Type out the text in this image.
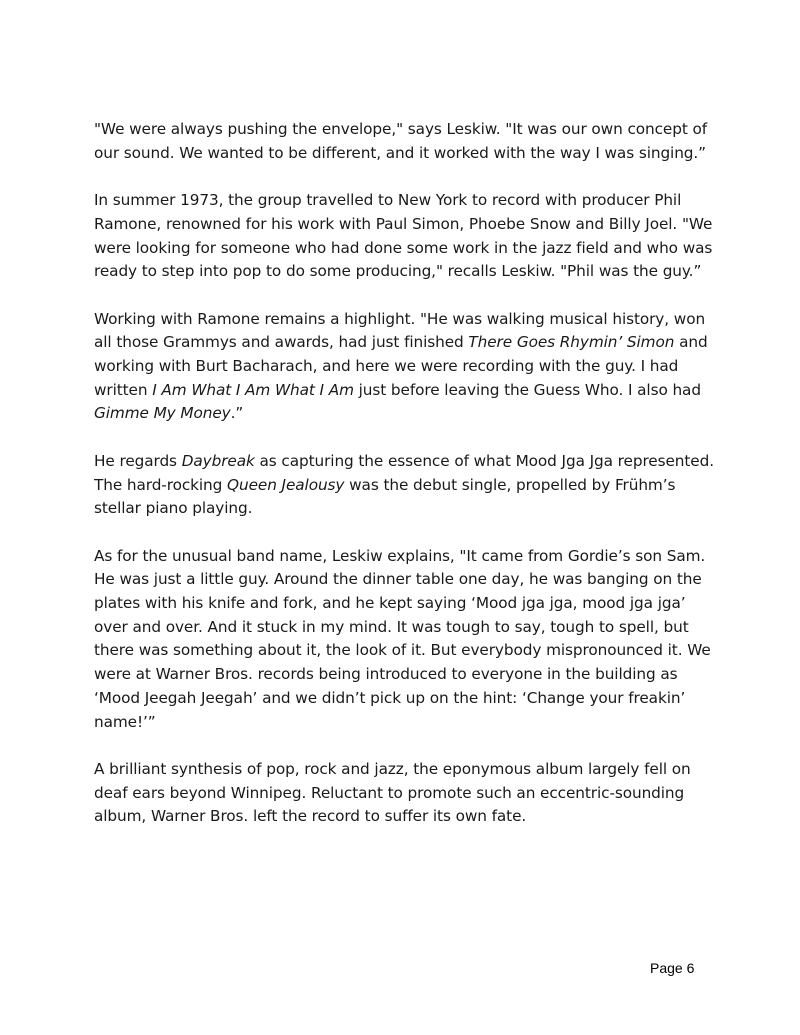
"We were always pushing the envelope," says Leskiw. "It was our own concept of our sound. We wanted to be different, and it worked with the way I was singing.”

In summer 1973, the group travelled to New York to record with producer Phil Ramone, renowned for his work with Paul Simon, Phoebe Snow and Billy Joel. "We were looking for someone who had done some work in the jazz field and who was ready to step into pop to do some producing," recalls Leskiw. "Phil was the guy.”

Working with Ramone remains a highlight. "He was walking musical history, won all those Grammys and awards, had just finished There Goes Rhymin’ Simon and working with Burt Bacharach, and here we were recording with the guy. I had written I Am What I Am What I Am just before leaving the Guess Who. I also had Gimme My Money.”

He regards Daybreak as capturing the essence of what Mood Jga Jga represented. The hard-rocking Queen Jealousy was the debut single, propelled by Frühm’s stellar piano playing.

As for the unusual band name, Leskiw explains, "It came from Gordie’s son Sam. He was just a little guy. Around the dinner table one day, he was banging on the plates with his knife and fork, and he kept saying ‘Mood jga jga, mood jga jga’ over and over. And it stuck in my mind. It was tough to say, tough to spell, but there was something about it, the look of it. But everybody mispronounced it. We were at Warner Bros. records being introduced to everyone in the building as ‘Mood Jeegah Jeegah’ and we didn’t pick up on the hint: ‘Change your freakin’ name!’”

A brilliant synthesis of pop, rock and jazz, the eponymous album largely fell on deaf ears beyond Winnipeg. Reluctant to promote such an eccentric-sounding album, Warner Bros. left the record to suffer its own fate.

Page 6
